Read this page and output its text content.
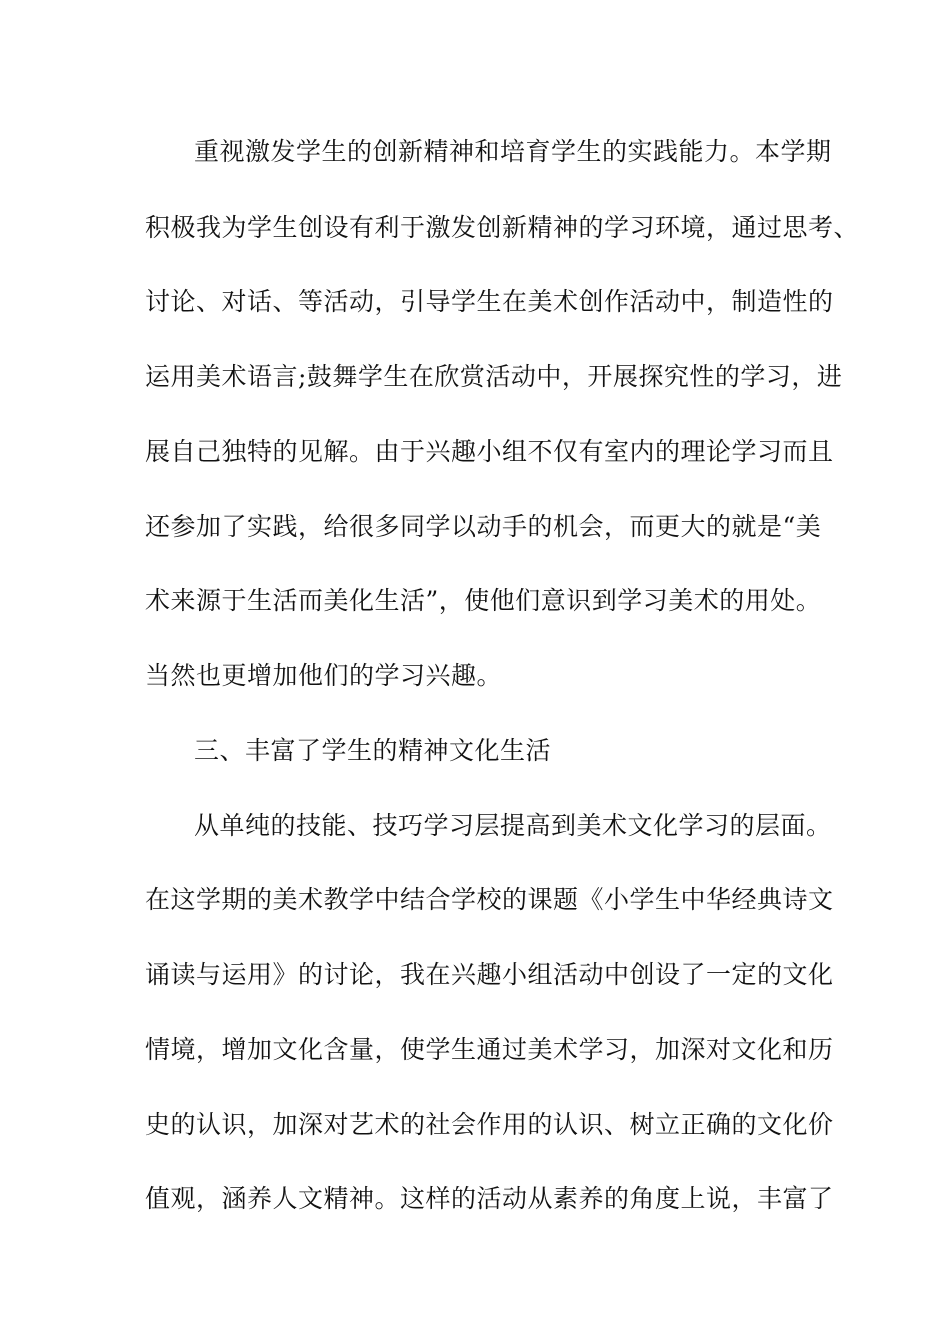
重视激发学生的创新精神和培育学生的实践能力。本学期
积极我为学生创设有利于激发创新精神的学习环境，通过思考、
讨论、对话、等活动，引导学生在美术创作活动中，制造性的
运用美术语言;鼓舞学生在欣赏活动中，开展探究性的学习，进
展自己独特的见解。由于兴趣小组不仅有室内的理论学习而且
还参加了实践，给很多同学以动手的机会，而更大的就是“美
术来源于生活而美化生活”，使他们意识到学习美术的用处。
当然也更增加他们的学习兴趣。
三、丰富了学生的精神文化生活
从单纯的技能、技巧学习层提高到美术文化学习的层面。
在这学期的美术教学中结合学校的课题《小学生中华经典诗文
诵读与运用》的讨论，我在兴趣小组活动中创设了一定的文化
情境，增加文化含量，使学生通过美术学习，加深对文化和历
史的认识，加深对艺术的社会作用的认识、树立正确的文化价
值观，涵养人文精神。这样的活动从素养的角度上说，丰富了
